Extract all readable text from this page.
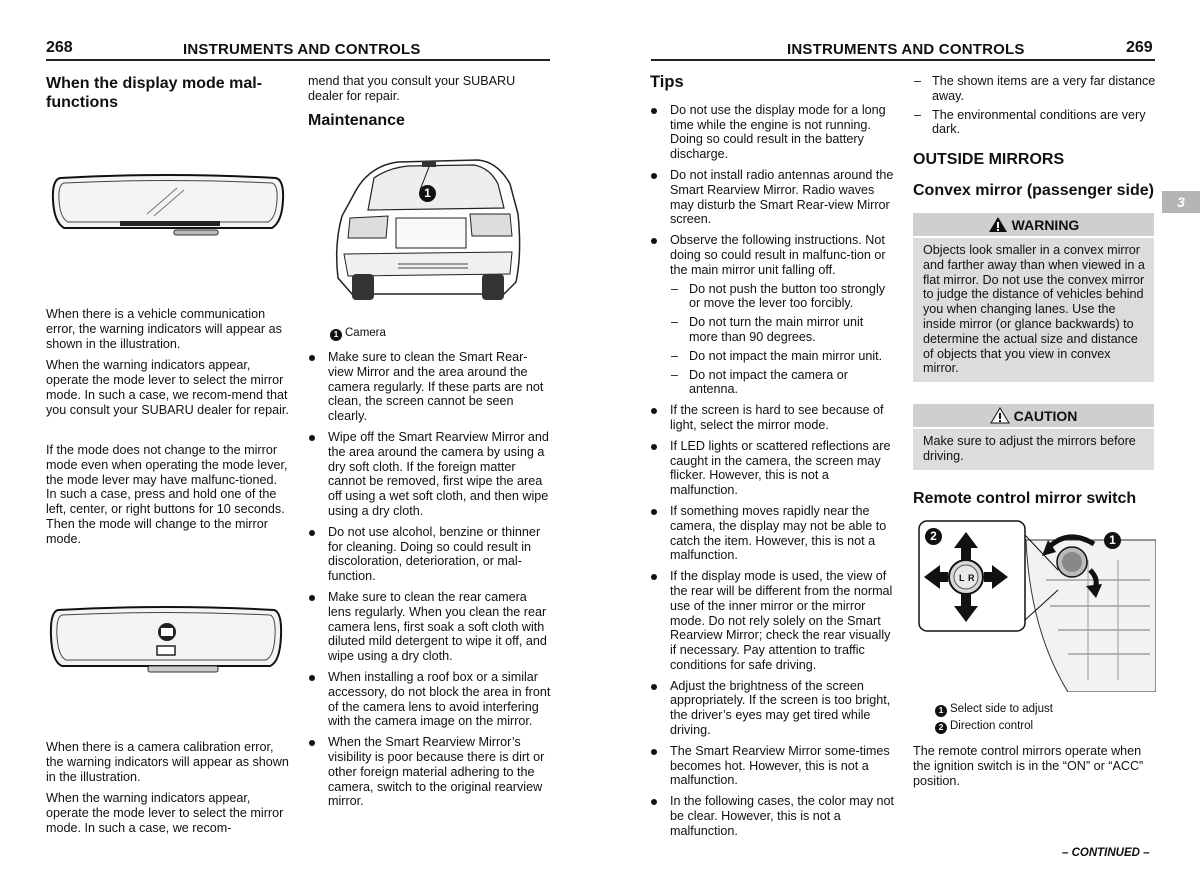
268	INSTRUMENTS AND CONTROLS	INSTRUMENTS AND CONTROLS	269
3
When the display mode mal-functions

When there is a vehicle communication error, the warning indicators will appear as shown in the illustration.

When the warning indicators appear, operate the mode lever to select the mirror mode. In such a case, we recom-mend that you consult your SUBARU dealer for repair.

If the mode does not change to the mirror mode even when operating the mode lever, the mode lever may have malfunc-tioned. In such a case, press and hold one of the left, center, or right buttons for 10 seconds. Then the mode will change to the mirror mode.

When there is a camera calibration error, the warning indicators will appear as shown in the illustration.

When the warning indicators appear, operate the mode lever to select the mirror mode. In such a case, we recom-

mend that you consult your SUBARU dealer for repair.

Maintenance
1
1 Camera
Make sure to clean the Smart Rear-view Mirror and the area around the camera regularly. If these parts are not clean, the screen cannot be seen clearly.
Wipe off the Smart Rearview Mirror and the area around the camera by using a dry soft cloth. If the foreign matter cannot be removed, first wipe the area off using a wet soft cloth, and then wipe using a dry cloth.
Do not use alcohol, benzine or thinner for cleaning. Doing so could result in discoloration, deterioration, or mal-function.
Make sure to clean the rear camera lens regularly. When you clean the rear camera lens, first soak a soft cloth with diluted mild detergent to wipe it off, and wipe using a dry cloth.
When installing a roof box or a similar accessory, do not block the area in front of the camera lens to avoid interfering with the camera image on the mirror.
When the Smart Rearview Mirror’s visibility is poor because there is dirt or other foreign material adhering to the camera, switch to the original rearview mirror.
Tips
Do not use the display mode for a long time while the engine is not running. Doing so could result in the battery discharge.
Do not install radio antennas around the Smart Rearview Mirror. Radio waves may disturb the Smart Rear-view Mirror screen.
Observe the following instructions. Not doing so could result in malfunc-tion or the main mirror unit falling off.
– Do not push the button too strongly or move the lever too forcibly.
– Do not turn the main mirror unit more than 90 degrees.
– Do not impact the main mirror unit.
– Do not impact the camera or antenna.
If the screen is hard to see because of light, select the mirror mode.
If LED lights or scattered reflections are caught in the camera, the screen may flicker. However, this is not a malfunction.
If something moves rapidly near the camera, the display may not be able to catch the item. However, this is not a malfunction.
If the display mode is used, the view of the rear will be different from the normal use of the inner mirror or the mirror mode. Do not rely solely on the Smart Rearview Mirror; check the rear visually if necessary. Pay attention to traffic conditions for safe driving.
Adjust the brightness of the screen appropriately. If the screen is too bright, the driver’s eyes may get tired while driving.
The Smart Rearview Mirror some-times becomes hot. However, this is not a malfunction.
In the following cases, the color may not be clear. However, this is not a malfunction.
– The shown items are a very far distance away.
– The environmental conditions are very dark.
OUTSIDE MIRRORS
Convex mirror (passenger side)
WARNING
Objects look smaller in a convex mirror and farther away than when viewed in a flat mirror. Do not use the convex mirror to judge the distance of vehicles behind you when changing lanes. Use the inside mirror (or glance backwards) to determine the actual size and distance of objects that you view in convex mirror.
CAUTION
Make sure to adjust the mirrors before driving.
Remote control mirror switch
L R
2	1
1 Select side to adjust
2 Direction control

The remote control mirrors operate when the ignition switch is in the “ON” or “ACC” position.

– CONTINUED –
